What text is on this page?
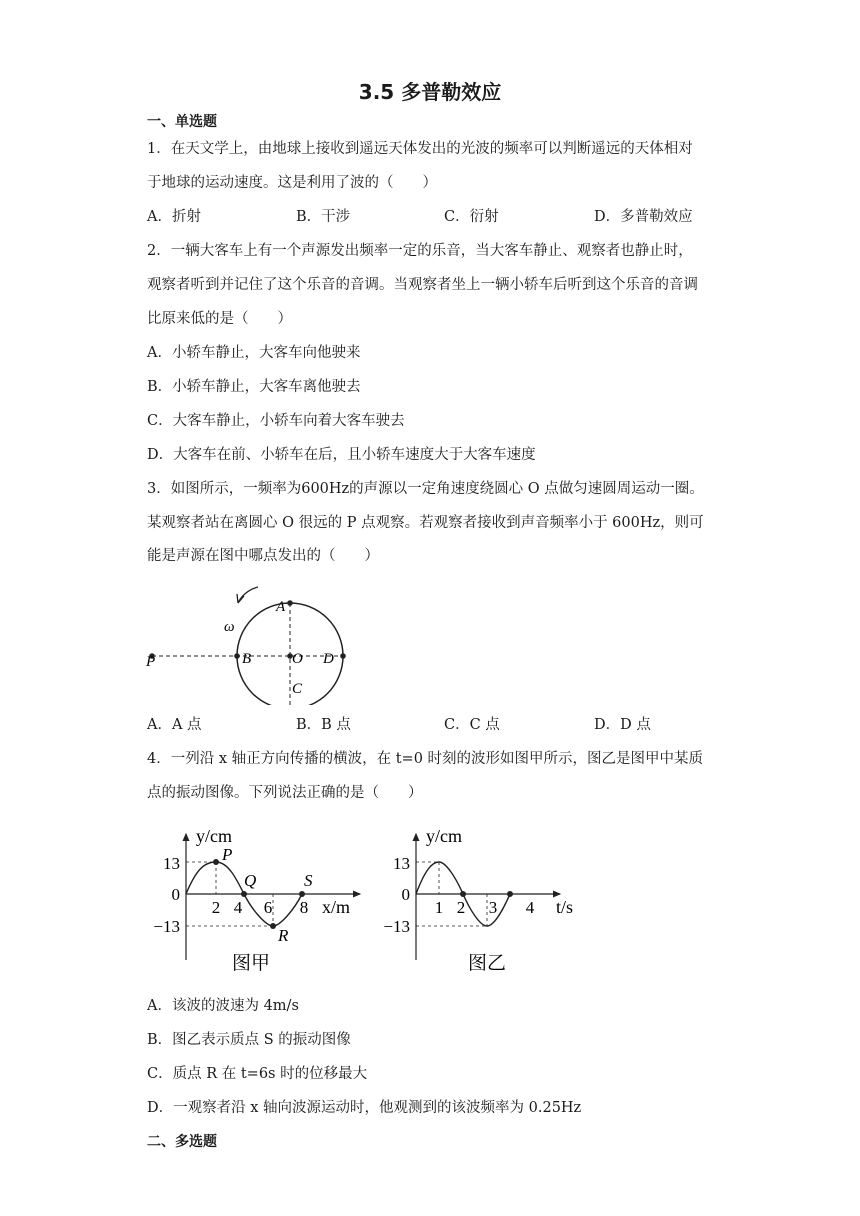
3.5 多普勒效应
一、单选题
1．在天文学上，由地球上接收到遥远天体发出的光波的频率可以判断遥远的天体相对
于地球的运动速度。这是利用了波的（　　）
A．折射	B．干涉	C．衍射	D．多普勒效应
2．一辆大客车上有一个声源发出频率一定的乐音，当大客车静止、观察者也静止时，
观察者听到并记住了这个乐音的音调。当观察者坐上一辆小轿车后听到这个乐音的音调
比原来低的是（　　）
A．小轿车静止，大客车向他驶来
B．小轿车静止，大客车离他驶去
C．大客车静止，小轿车向着大客车驶去
D．大客车在前、小轿车在后，且小轿车速度大于大客车速度
3．如图所示，一频率为600Hz的声源以一定角速度绕圆心 O 点做匀速圆周运动一圈。
某观察者站在离圆心 O 很远的 P 点观察。若观察者接收到声音频率小于 600Hz，则可
能是声源在图中哪点发出的（　　）
A
B	O D
C
P
ω
A．A 点	B．B 点	C．C 点	D．D 点
4．一列沿 x 轴正方向传播的横波，在 t=0 时刻的波形如图甲所示，图乙是图甲中某质
点的振动图像。下列说法正确的是（　　）
y/cm
x/m
13
0
−13
2 4 6 8
P
Q
R
S
图甲
y/cm
t/s
13
0
−13
1 2 3 4
图乙
A．该波的波速为 4m/s
B．图乙表示质点 S 的振动图像
C．质点 R 在 t=6s 时的位移最大
D．一观察者沿 x 轴向波源运动时，他观测到的该波频率为 0.25Hz
二、多选题
